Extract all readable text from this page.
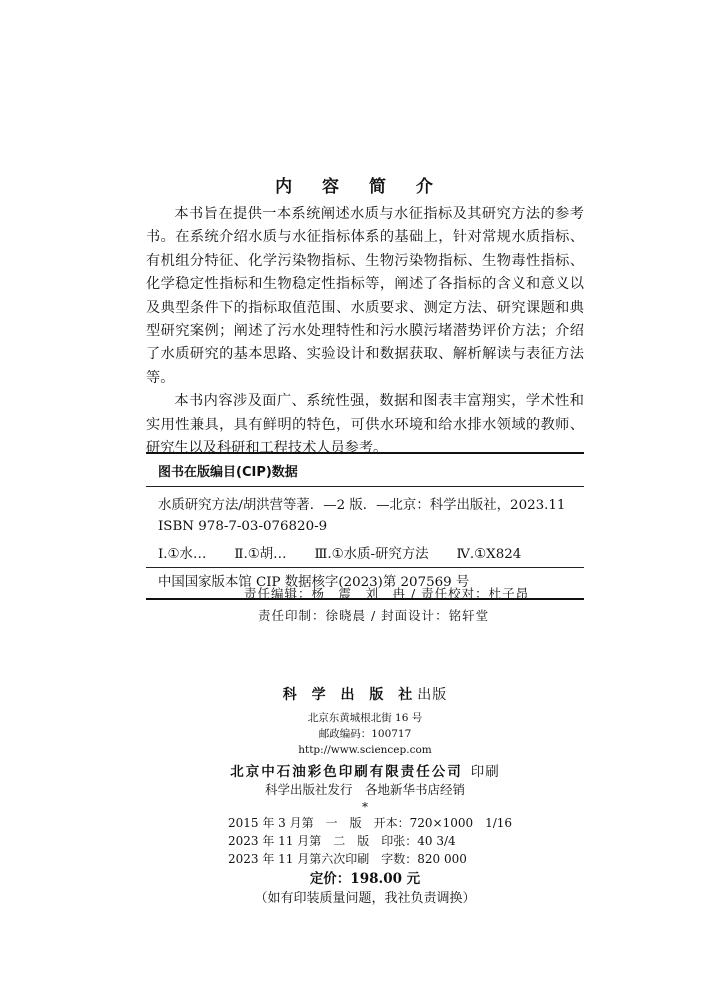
内 容 简 介

本书旨在提供一本系统阐述水质与水征指标及其研究方法的参考书。在系统介绍水质与水征指标体系的基础上，针对常规水质指标、有机组分特征、化学污染物指标、生物污染物指标、生物毒性指标、化学稳定性指标和生物稳定性指标等，阐述了各指标的含义和意义以及典型条件下的指标取值范围、水质要求、测定方法、研究课题和典型研究案例；阐述了污水处理特性和污水膜污堵潜势评价方法；介绍了水质研究的基本思路、实验设计和数据获取、解析解读与表征方法等。

本书内容涉及面广、系统性强，数据和图表丰富翔实，学术性和实用性兼具，具有鲜明的特色，可供水环境和给水排水领域的教师、研究生以及科研和工程技术人员参考。

图书在版编目(CIP)数据
水质研究方法/胡洪营等著．—2 版．—北京：科学出版社，2023.11
ISBN 978-7-03-076820-9
Ⅰ.①水… Ⅱ.①胡… Ⅲ.①水质-研究方法 Ⅳ.①X824
中国国家版本馆 CIP 数据核字(2023)第 207569 号
责任编辑：杨　震　刘　冉 / 责任校对：杜子昂
责任印制：徐晓晨 / 封面设计：铭轩堂
科 学 出 版 社出版
北京东黄城根北街 16 号
邮政编码：100717
http://www.sciencep.com
北京中石油彩色印刷有限责任公司 印刷
科学出版社发行　各地新华书店经销
*
2015 年 3 月第　一　版　开本：720×1000　1/16
2023 年 11 月第　二　版　印张：40 3/4
2023 年 11 月第六次印刷　字数：820 000
定价：198.00 元
（如有印装质量问题，我社负责调换）
